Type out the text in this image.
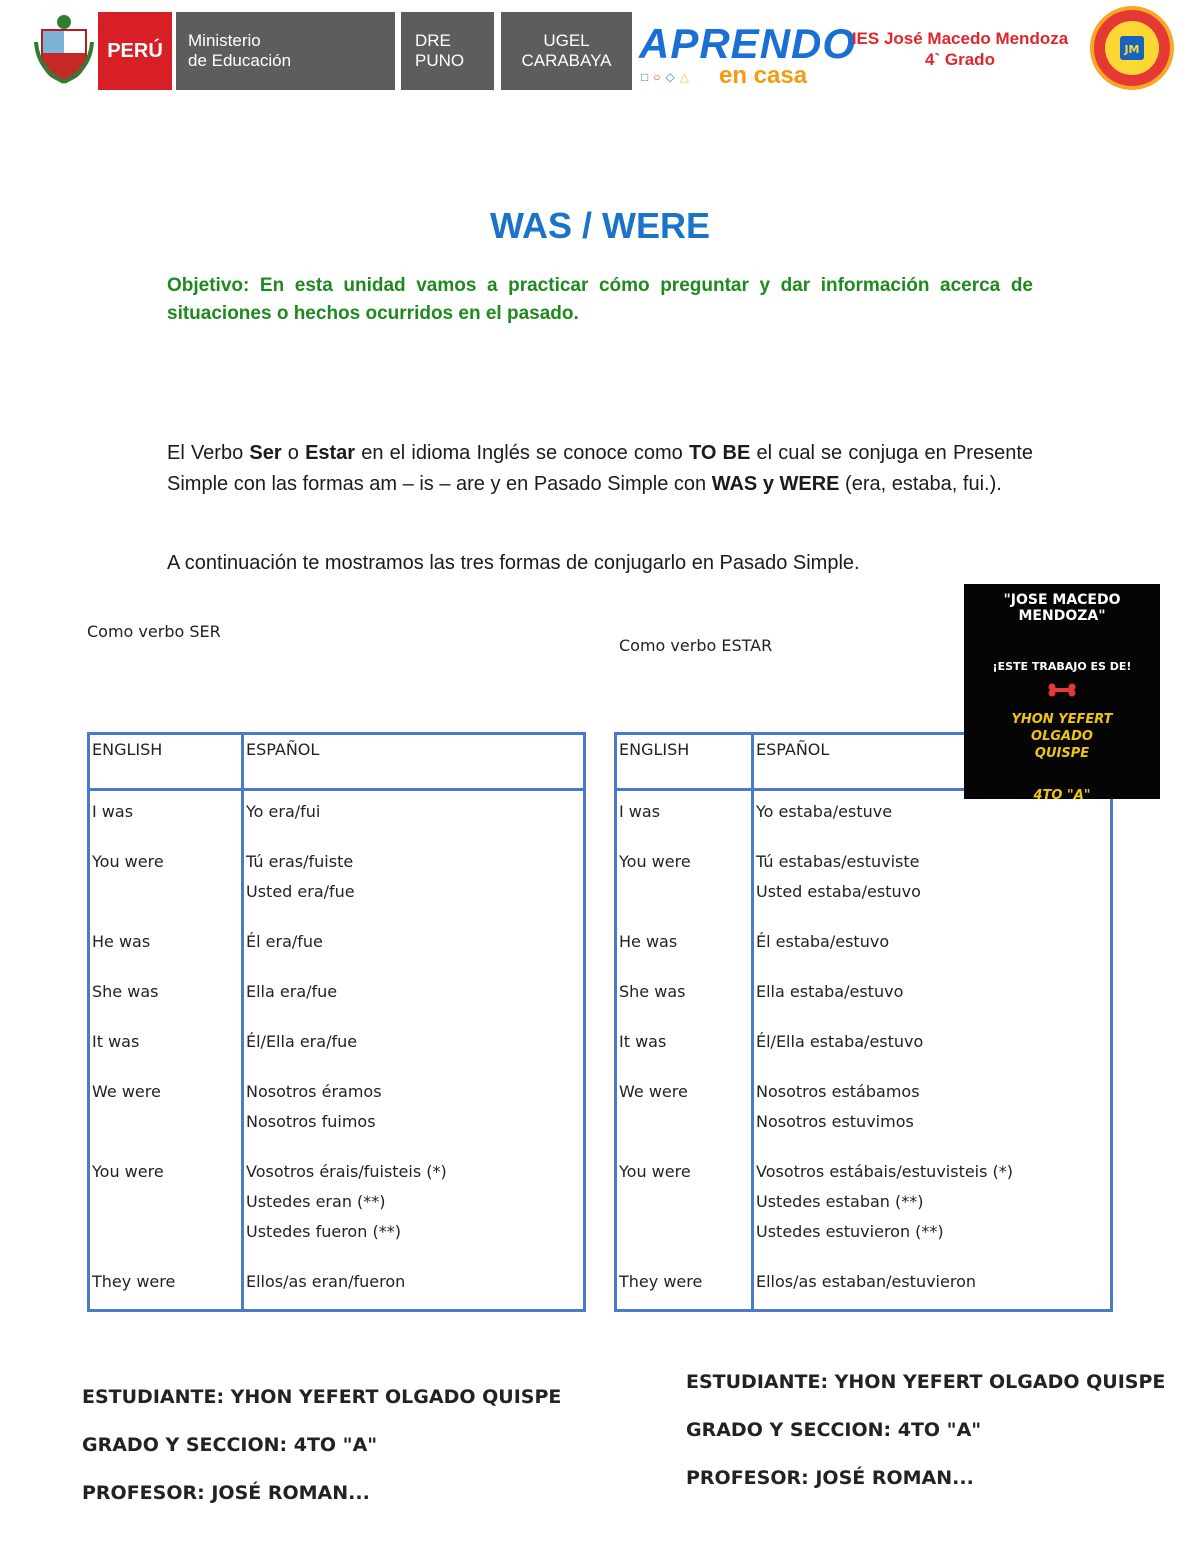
PERÚ	Ministerio
de Educación
DRE
PUNO
UGEL
CARABAYA APRENDO
□○◇△ en casa
IES José Macedo Mendoza
4` Grado
JM
WAS / WERE
Objetivo: En esta unidad vamos a practicar cómo preguntar y dar información acerca de situaciones o hechos ocurridos en el pasado.
El Verbo Ser o Estar en el idioma Inglés se conoce como TO BE el cual se conjuga en Presente Simple con las formas am – is – are y en Pasado Simple con WAS y WERE (era, estaba, fui.).
A continuación te mostramos las tres formas de conjugarlo en Pasado Simple.
Como verbo SER
Como verbo ESTAR
ENGLISH	ESPAÑOL

I was	Yo era/fui

You were	Tú eras/fuiste
Usted era/fue

He was	Él era/fue

She was	Ella era/fue

It was	Él/Ella era/fue

We were	Nosotros éramos
Nosotros fuimos

You were	Vosotros érais/fuisteis (*)
Ustedes eran (**)
Ustedes fueron (**)

They were	Ellos/as eran/fueron
ENGLISH	ESPAÑOL

I was	Yo estaba/estuve

You were	Tú estabas/estuviste
Usted estaba/estuvo

He was	Él estaba/estuvo

She was	Ella estaba/estuvo

It was	Él/Ella estaba/estuvo

We were	Nosotros estábamos
Nosotros estuvimos

You were	Vosotros estábais/estuvisteis (*)
Ustedes estaban (**)
Ustedes estuvieron (**)

They were	Ellos/as estaban/estuvieron
"JOSE MACEDO MENDOZA"
¡ESTE TRABAJO ES DE!
YHON YEFERT
OLGADO
QUISPE
4TO "A"
ESTUDIANTE: YHON YEFERT OLGADO QUISPE
GRADO Y SECCION: 4TO "A"
PROFESOR: JOSÉ ROMAN...
ESTUDIANTE: YHON YEFERT OLGADO QUISPE
GRADO Y SECCION: 4TO "A"
PROFESOR: JOSÉ ROMAN...
